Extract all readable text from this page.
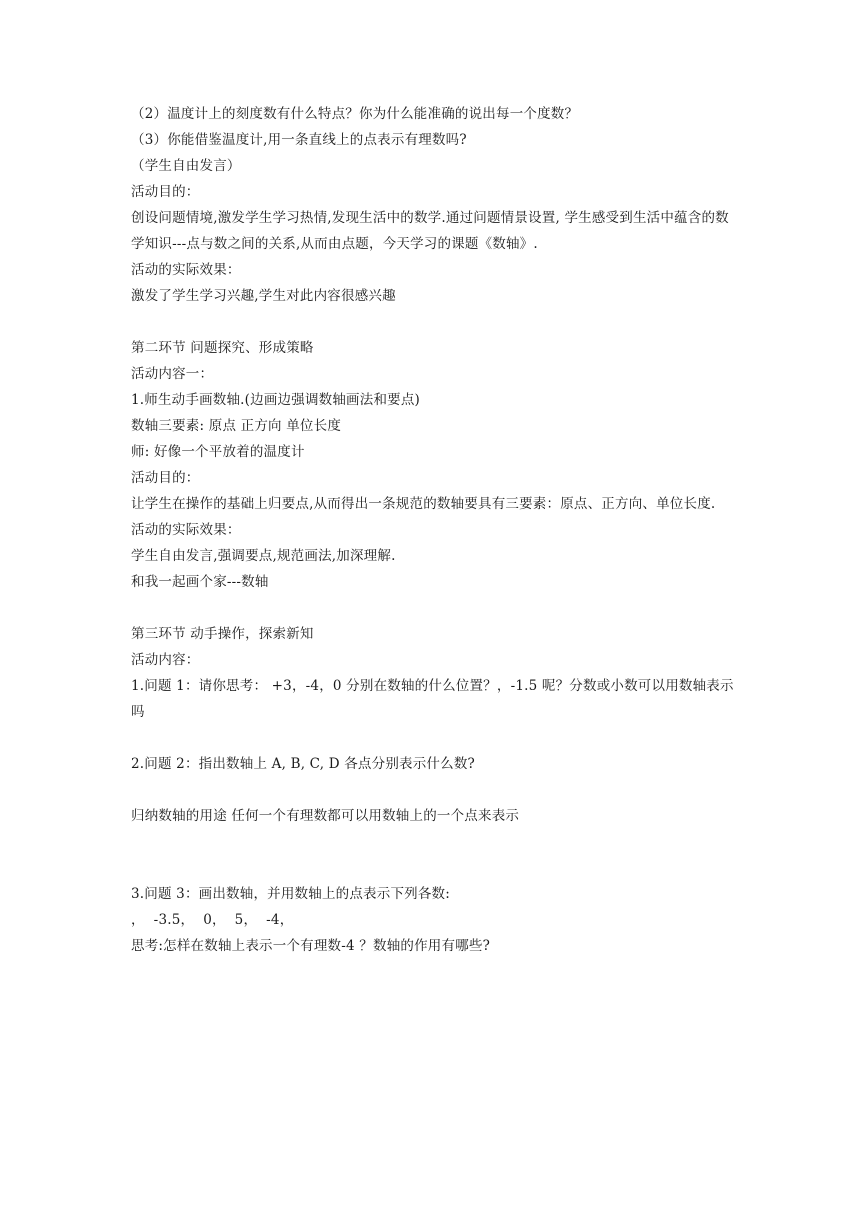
（2）温度计上的刻度数有什么特点？你为什么能准确的说出每一个度数？
（3）你能借鉴温度计,用一条直线上的点表示有理数吗?
（学生自由发言）
活动目的：
创设问题情境,激发学生学习热情,发现生活中的数学.通过问题情景设置, 学生感受到生活中蕴含的数学知识---点与数之间的关系,从而由点题，今天学习的课题《数轴》.
活动的实际效果：
激发了学生学习兴趣,学生对此内容很感兴趣
第二环节 问题探究、形成策略
活动内容一：
1.师生动手画数轴.(边画边强调数轴画法和要点)
数轴三要素: 原点 正方向 单位长度
师: 好像一个平放着的温度计
活动目的：
让学生在操作的基础上归要点,从而得出一条规范的数轴要具有三要素：原点、正方向、单位长度.
活动的实际效果：
学生自由发言,强调要点,规范画法,加深理解.
和我一起画个家---数轴
第三环节 动手操作，探索新知
活动内容：
1.问题 1：请你思考： +3，-4，0 分别在数轴的什么位置？，-1.5 呢？分数或小数可以用数轴表示吗
2.问题 2：指出数轴上 A, B, C, D 各点分别表示什么数?
归纳数轴的用途 任何一个有理数都可以用数轴上的一个点来表示
3.问题 3：画出数轴，并用数轴上的点表示下列各数:
，  -3.5，  0，  5，  -4，
思考:怎样在数轴上表示一个有理数-4 ？数轴的作用有哪些?
